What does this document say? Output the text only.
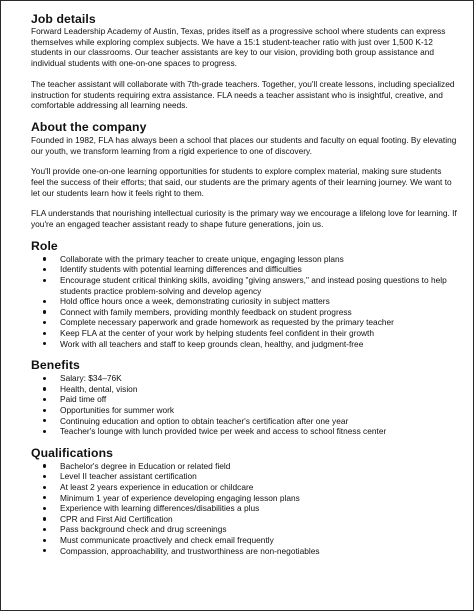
Job details

Forward Leadership Academy of Austin, Texas, prides itself as a progressive school where students can express themselves while exploring complex subjects. We have a 15:1 student-teacher ratio with just over 1,500 K-12 students in our classrooms. Our teacher assistants are key to our vision, providing both group assistance and individual students with one-on-one spaces to progress.

The teacher assistant will collaborate with 7th-grade teachers. Together, you'll create lessons, including specialized instruction for students requiring extra assistance. FLA needs a teacher assistant who is insightful, creative, and comfortable addressing all learning needs.

About the company

Founded in 1982, FLA has always been a school that places our students and faculty on equal footing. By elevating our youth, we transform learning from a rigid experience to one of discovery.

You'll provide one-on-one learning opportunities for students to explore complex material, making sure students feel the success of their efforts; that said, our students are the primary agents of their learning journey. We want to let our students learn how it feels right to them.

FLA understands that nourishing intellectual curiosity is the primary way we encourage a lifelong love for learning. If you're an engaged teacher assistant ready to shape future generations, join us.

Role
Collaborate with the primary teacher to create unique, engaging lesson plans
Identify students with potential learning differences and difficulties
Encourage student critical thinking skills, avoiding "giving answers," and instead posing questions to help students practice problem-solving and develop agency
Hold office hours once a week, demonstrating curiosity in subject matters
Connect with family members, providing monthly feedback on student progress
Complete necessary paperwork and grade homework as requested by the primary teacher
Keep FLA at the center of your work by helping students feel confident in their growth
Work with all teachers and staff to keep grounds clean, healthy, and judgment-free
Benefits
Salary: $34–76K
Health, dental, vision
Paid time off
Opportunities for summer work
Continuing education and option to obtain teacher's certification after one year
Teacher's lounge with lunch provided twice per week and access to school fitness center
Qualifications
Bachelor's degree in Education or related field
Level II teacher assistant certification
At least 2 years experience in education or childcare
Minimum 1 year of experience developing engaging lesson plans
Experience with learning differences/disabilities a plus
CPR and First Aid Certification
Pass background check and drug screenings
Must communicate proactively and check email frequently
Compassion, approachability, and trustworthiness are non-negotiables
